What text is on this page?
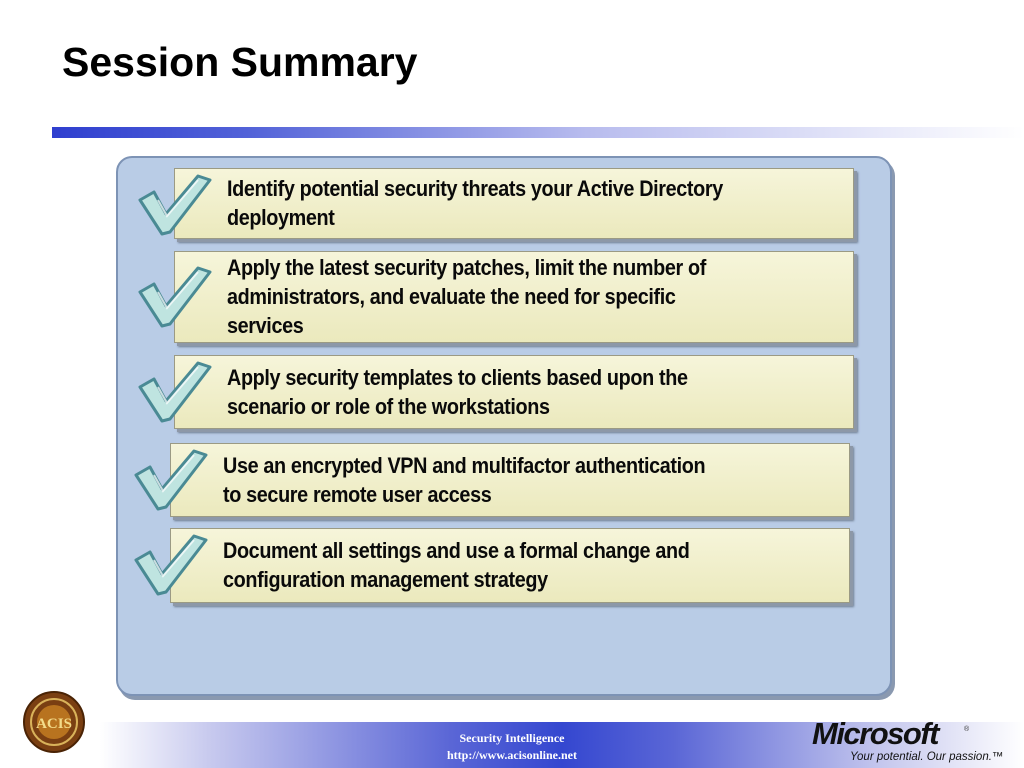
Session Summary
Identify potential security threats your Active Directory
deployment
Apply the latest security patches, limit the number of
administrators, and evaluate the need for specific
services
Apply security templates to clients based upon the
scenario or role of the workstations
Use an encrypted VPN and multifactor authentication
to secure remote user access
Document all settings and use a formal change and
configuration management strategy
Security Intelligence
http://www.acisonline.net
ACIS	Microsoft	®
Your potential. Our passion.™
